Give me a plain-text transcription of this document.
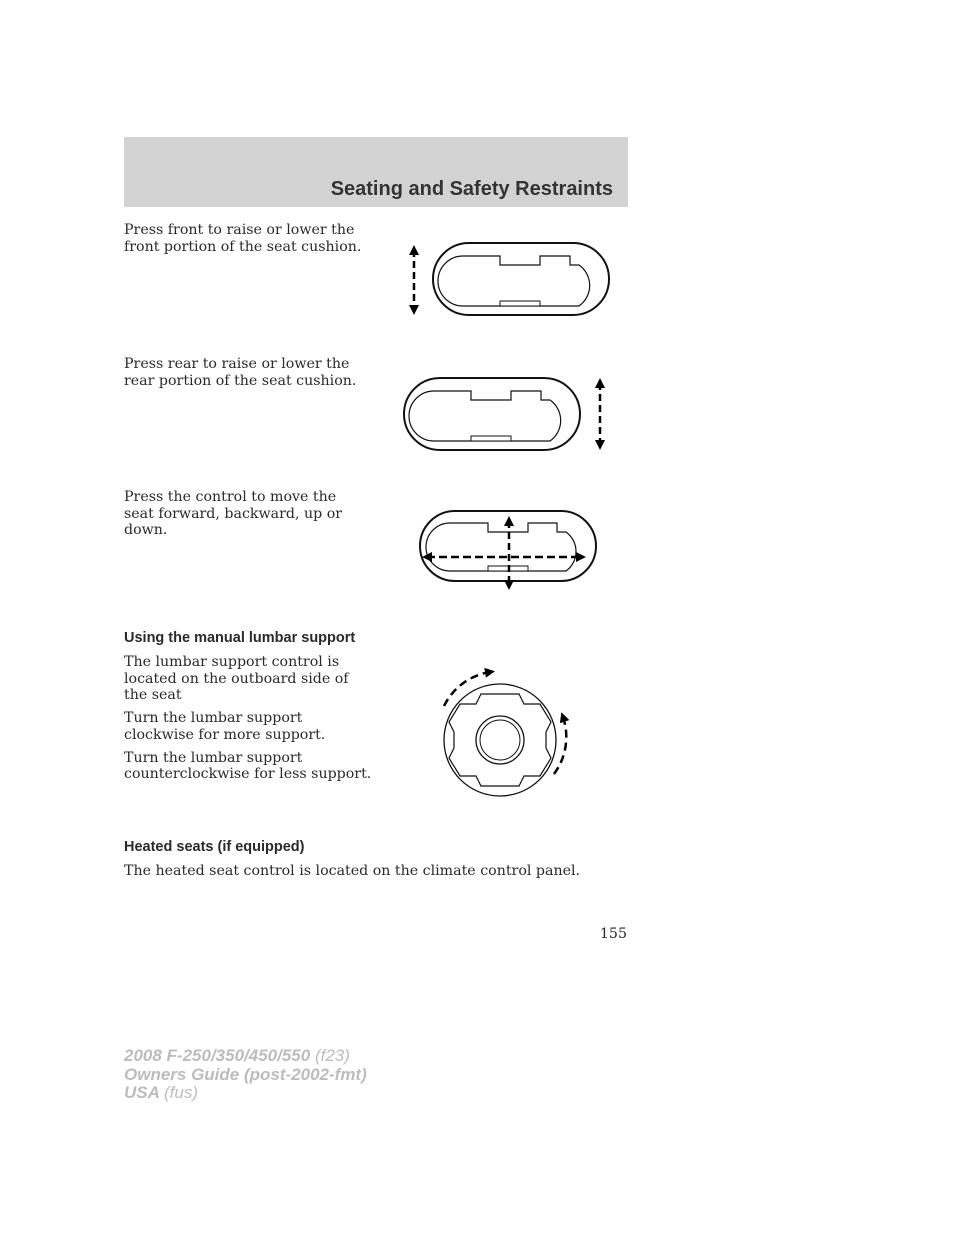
Seating and Safety Restraints

Press front to raise or lower the front portion of the seat cushion.

Press rear to raise or lower the rear portion of the seat cushion.

Press the control to move the seat forward, backward, up or down.

Using the manual lumbar support

The lumbar support control is located on the outboard side of the seat

Turn the lumbar support clockwise for more support.

Turn the lumbar support counterclockwise for less support.

Heated seats (if equipped)

The heated seat control is located on the climate control panel.

155
2008 F-250/350/450/550 (f23)
Owners Guide (post-2002-fmt)
USA (fus)
